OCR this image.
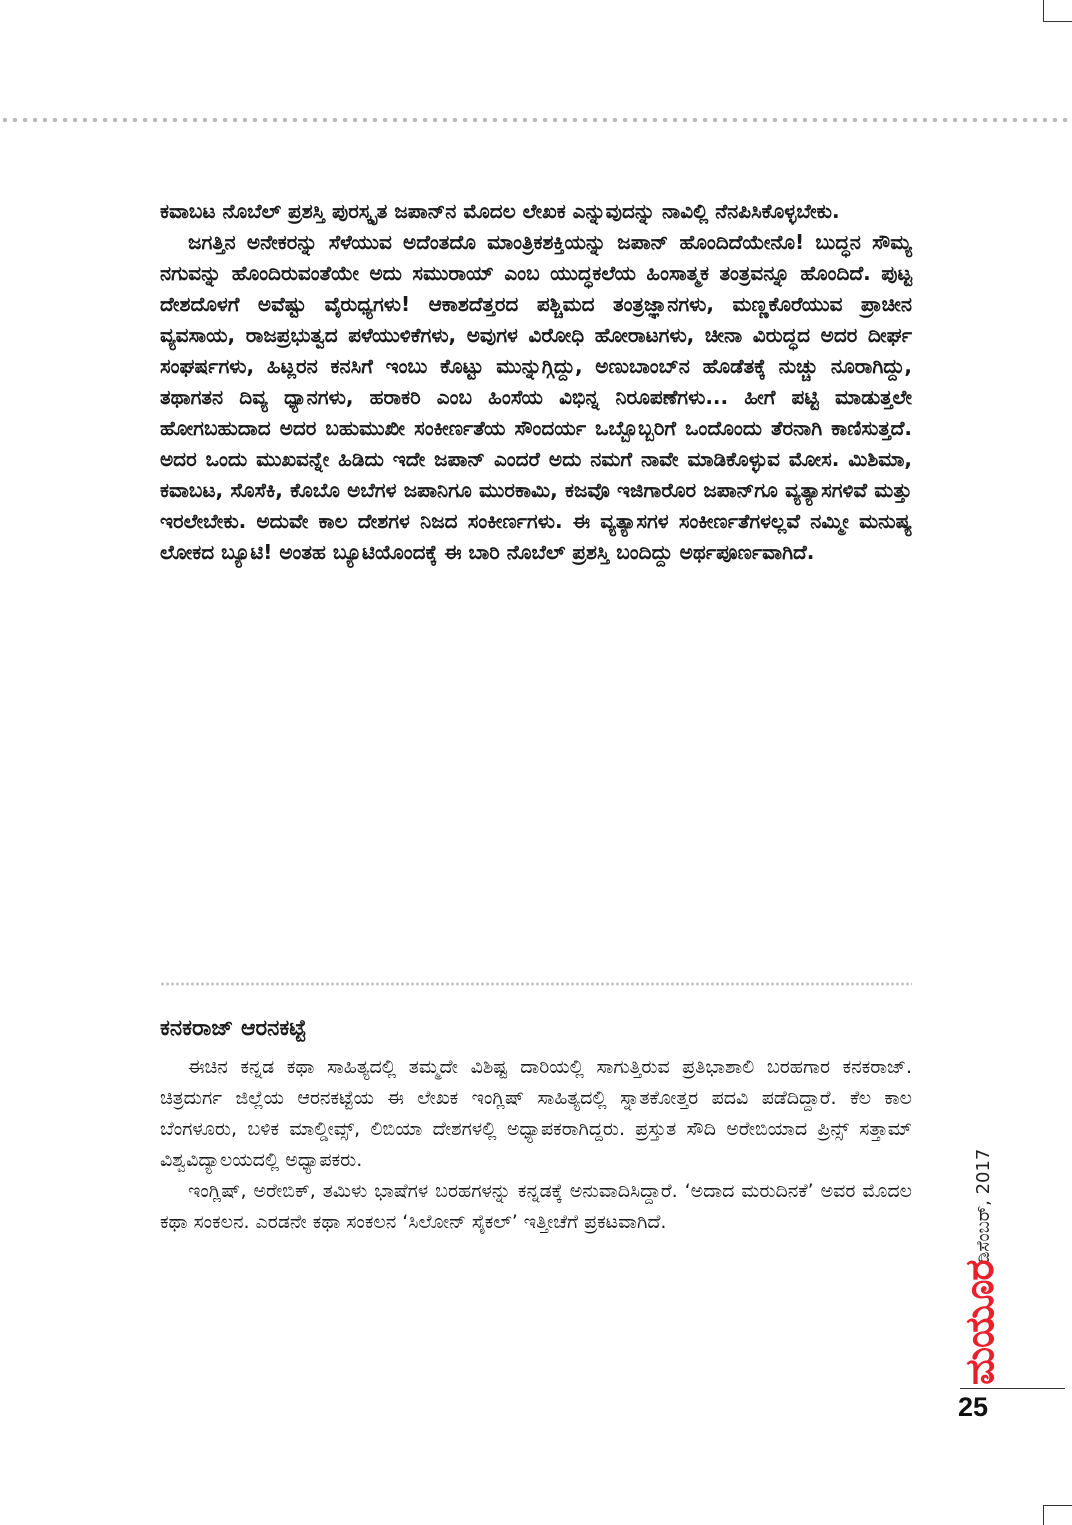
ಕವಾಬಟ ನೊಬೆಲ್ ಪ್ರಶಸ್ತಿ ಪುರಸ್ಕೃತ ಜಪಾನ್‌ನ ಮೊದಲ ಲೇಖಕ ಎನ್ನುವುದನ್ನು ನಾವಿಲ್ಲಿ ನೆನಪಿಸಿಕೊಳ್ಳಬೇಕು.

ಜಗತ್ತಿನ ಅನೇಕರನ್ನು ಸೆಳೆಯುವ ಅದೆಂತದೊ ಮಾಂತ್ರಿಕಶಕ್ತಿಯನ್ನು ಜಪಾನ್ ಹೊಂದಿದೆಯೇನೊ! ಬುದ್ಧನ ಸೌಮ್ಯ ನಗುವನ್ನು ಹೊಂದಿರುವಂತೆಯೇ ಅದು ಸಮುರಾಯ್ ಎಂಬ ಯುದ್ಧಕಲೆಯ ಹಿಂಸಾತ್ಮಕ ತಂತ್ರವನ್ನೂ ಹೊಂದಿದೆ. ಪುಟ್ಟ ದೇಶದೊಳಗೆ ಅವೆಷ್ಟು ವೈರುಧ್ಯಗಳು! ಆಕಾಶದೆತ್ತರದ ಪಶ್ಚಿಮದ ತಂತ್ರಜ್ಞಾನಗಳು, ಮಣ್ಣಕೊರೆಯುವ ಪ್ರಾಚೀನ ವ್ಯವಸಾಯ, ರಾಜಪ್ರಭುತ್ವದ ಪಳೆಯುಳಿಕೆಗಳು, ಅವುಗಳ ವಿರೋಧಿ ಹೋರಾಟಗಳು, ಚೀನಾ ವಿರುದ್ಧದ ಅದರ ದೀರ್ಘ ಸಂಘರ್ಷಗಳು, ಹಿಟ್ಲರನ ಕನಸಿಗೆ ಇಂಬು ಕೊಟ್ಟು ಮುನ್ನುಗ್ಗಿದ್ದು, ಅಣುಬಾಂಬ್‌ನ ಹೊಡೆತಕ್ಕೆ ನುಚ್ಚು ನೂರಾಗಿದ್ದು, ತಥಾಗತನ ದಿವ್ಯ ಧ್ಯಾನಗಳು, ಹರಾಕರಿ ಎಂಬ ಹಿಂಸೆಯ ವಿಭಿನ್ನ ನಿರೂಪಣೆಗಳು... ಹೀಗೆ ಪಟ್ಟಿ ಮಾಡುತ್ತಲೇ ಹೋಗಬಹುದಾದ ಅದರ ಬಹುಮುಖೀ ಸಂಕೀರ್ಣತೆಯ ಸೌಂದರ್ಯ ಒಬ್ಬೊಬ್ಬರಿಗೆ ಒಂದೊಂದು ತೆರನಾಗಿ ಕಾಣಿಸುತ್ತದೆ. ಅದರ ಒಂದು ಮುಖವನ್ನೇ ಹಿಡಿದು ಇದೇ ಜಪಾನ್ ಎಂದರೆ ಅದು ನಮಗೆ ನಾವೇ ಮಾಡಿಕೊಳ್ಳುವ ಮೋಸ. ಮಿಶಿಮಾ, ಕವಾಬಟ, ಸೊಸೆಕಿ, ಕೊಬೊ ಅಬೆಗಳ ಜಪಾನಿಗೂ ಮುರಕಾಮಿ, ಕಜವೊ ಇಜಿಗಾರೊರ ಜಪಾನ್‌ಗೂ ವ್ಯತ್ಯಾಸಗಳಿವೆ ಮತ್ತು ಇರಲೇಬೇಕು. ಅದುವೇ ಕಾಲ ದೇಶಗಳ ನಿಜದ ಸಂಕೀರ್ಣಗಳು. ಈ ವ್ಯತ್ಯಾಸಗಳ ಸಂಕೀರ್ಣತೆಗಳಲ್ಲವೆ ನಮ್ಮೀ ಮನುಷ್ಯ ಲೋಕದ ಬ್ಯೂಟಿ! ಅಂತಹ ಬ್ಯೂಟಿಯೊಂದಕ್ಕೆ ಈ ಬಾರಿ ನೊಬೆಲ್ ಪ್ರಶಸ್ತಿ ಬಂದಿದ್ದು ಅರ್ಥಪೂರ್ಣವಾಗಿದೆ.

ಕನಕರಾಜ್ ಆರನಕಟ್ಟೆ

ಈಚಿನ ಕನ್ನಡ ಕಥಾ ಸಾಹಿತ್ಯದಲ್ಲಿ ತಮ್ಮದೇ ವಿಶಿಷ್ಟ ದಾರಿಯಲ್ಲಿ ಸಾಗುತ್ತಿರುವ ಪ್ರತಿಭಾಶಾಲಿ ಬರಹಗಾರ ಕನಕರಾಜ್. ಚಿತ್ರದುರ್ಗ ಜಿಲ್ಲೆಯ ಆರನಕಟ್ಟೆಯ ಈ ಲೇಖಕ ಇಂಗ್ಲಿಷ್ ಸಾಹಿತ್ಯದಲ್ಲಿ ಸ್ನಾತಕೋತ್ತರ ಪದವಿ ಪಡೆದಿದ್ದಾರೆ. ಕೆಲ ಕಾಲ ಬೆಂಗಳೂರು, ಬಳಿಕ ಮಾಲ್ಡೀವ್ಸ್, ಲಿಬಿಯಾ ದೇಶಗಳಲ್ಲಿ ಅಧ್ಯಾಪಕರಾಗಿದ್ದರು. ಪ್ರಸ್ತುತ ಸೌದಿ ಅರೇಬಿಯಾದ ಪ್ರಿನ್ಸ್ ಸತ್ತಾಮ್ ವಿಶ್ವವಿದ್ಯಾಲಯದಲ್ಲಿ ಅಧ್ಯಾಪಕರು.

ಇಂಗ್ಲಿಷ್, ಅರೇಬಿಕ್, ತಮಿಳು ಭಾಷೆಗಳ ಬರಹಗಳನ್ನು ಕನ್ನಡಕ್ಕೆ ಅನುವಾದಿಸಿದ್ದಾರೆ. ‘ಅದಾದ ಮರುದಿನಕೆ’ ಅವರ ಮೊದಲ ಕಥಾ ಸಂಕಲನ. ಎರಡನೇ ಕಥಾ ಸಂಕಲನ ‘ಸಿಲೋನ್ ಸೈಕಲ್’ ಇತ್ತೀಚೆಗೆ ಪ್ರಕಟವಾಗಿದೆ.	ಡಿಸೆಂಬರ್, 2017
ಮಯೂರ
25
